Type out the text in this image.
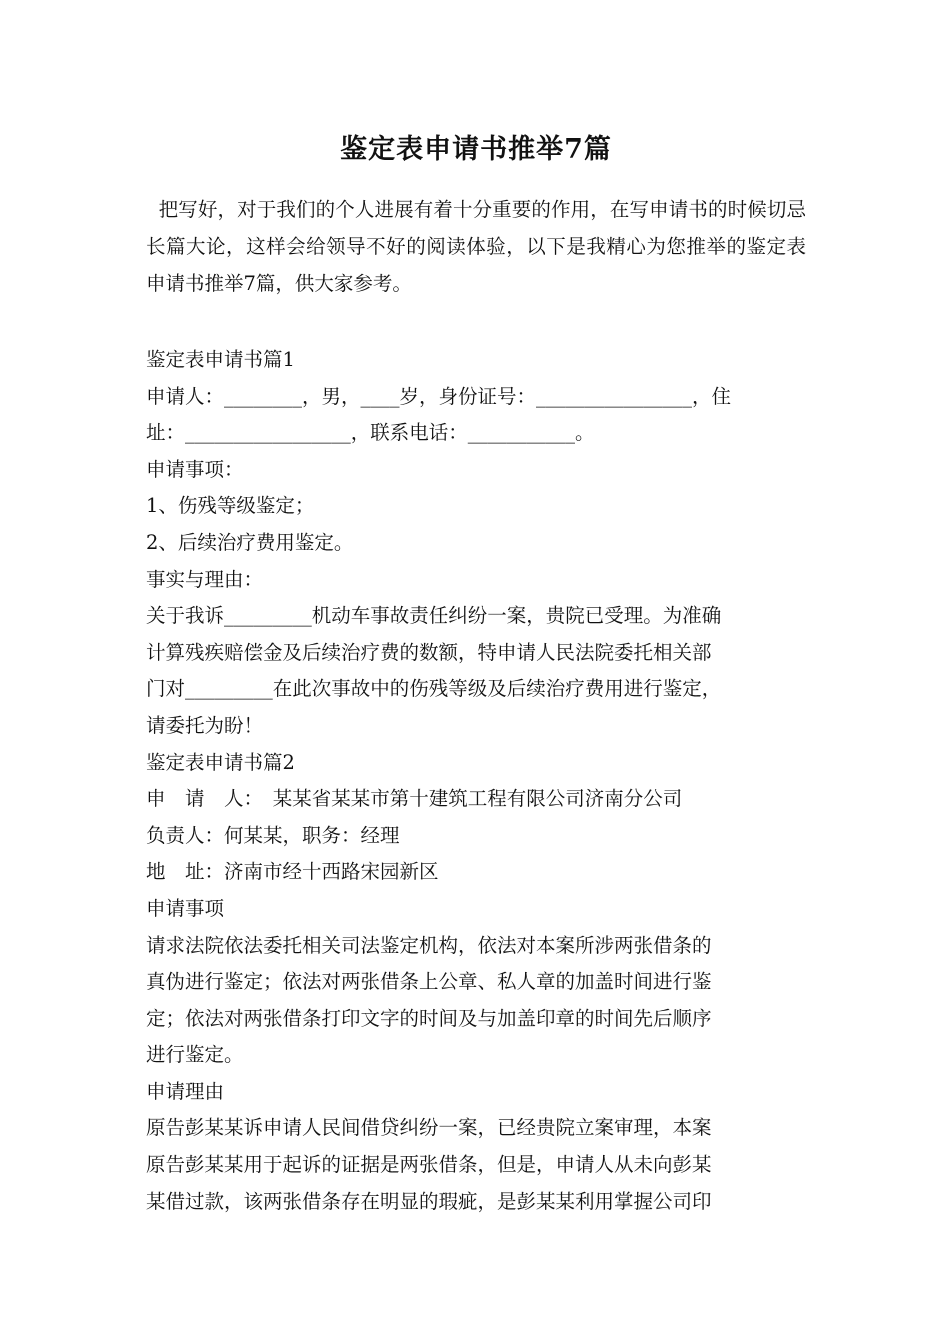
鉴定表申请书推举7篇
把写好，对于我们的个人进展有着十分重要的作用，在写申请书的时候切忌长篇大论，这样会给领导不好的阅读体验，以下是我精心为您推举的鉴定表申请书推举7篇，供大家参考。
鉴定表申请书篇1
申请人：________，男，____岁，身份证号：________________，住
址：_________________，联系电话：___________。
申请事项：
1、伤残等级鉴定；
2、后续治疗费用鉴定。
事实与理由：
关于我诉_________机动车事故责任纠纷一案，贵院已受理。为准确
计算残疾赔偿金及后续治疗费的数额，特申请人民法院委托相关部
门对_________在此次事故中的伤残等级及后续治疗费用进行鉴定，
请委托为盼！
鉴定表申请书篇2
申　请　人：　某某省某某市第十建筑工程有限公司济南分公司
负责人：何某某，职务：经理
地　址：济南市经十西路宋园新区
申请事项
请求法院依法委托相关司法鉴定机构，依法对本案所涉两张借条的
真伪进行鉴定；依法对两张借条上公章、私人章的加盖时间进行鉴
定；依法对两张借条打印文字的时间及与加盖印章的时间先后顺序
进行鉴定。
申请理由
原告彭某某诉申请人民间借贷纠纷一案，已经贵院立案审理，本案
原告彭某某用于起诉的证据是两张借条，但是，申请人从未向彭某
某借过款，该两张借条存在明显的瑕疵，是彭某某利用掌握公司印
